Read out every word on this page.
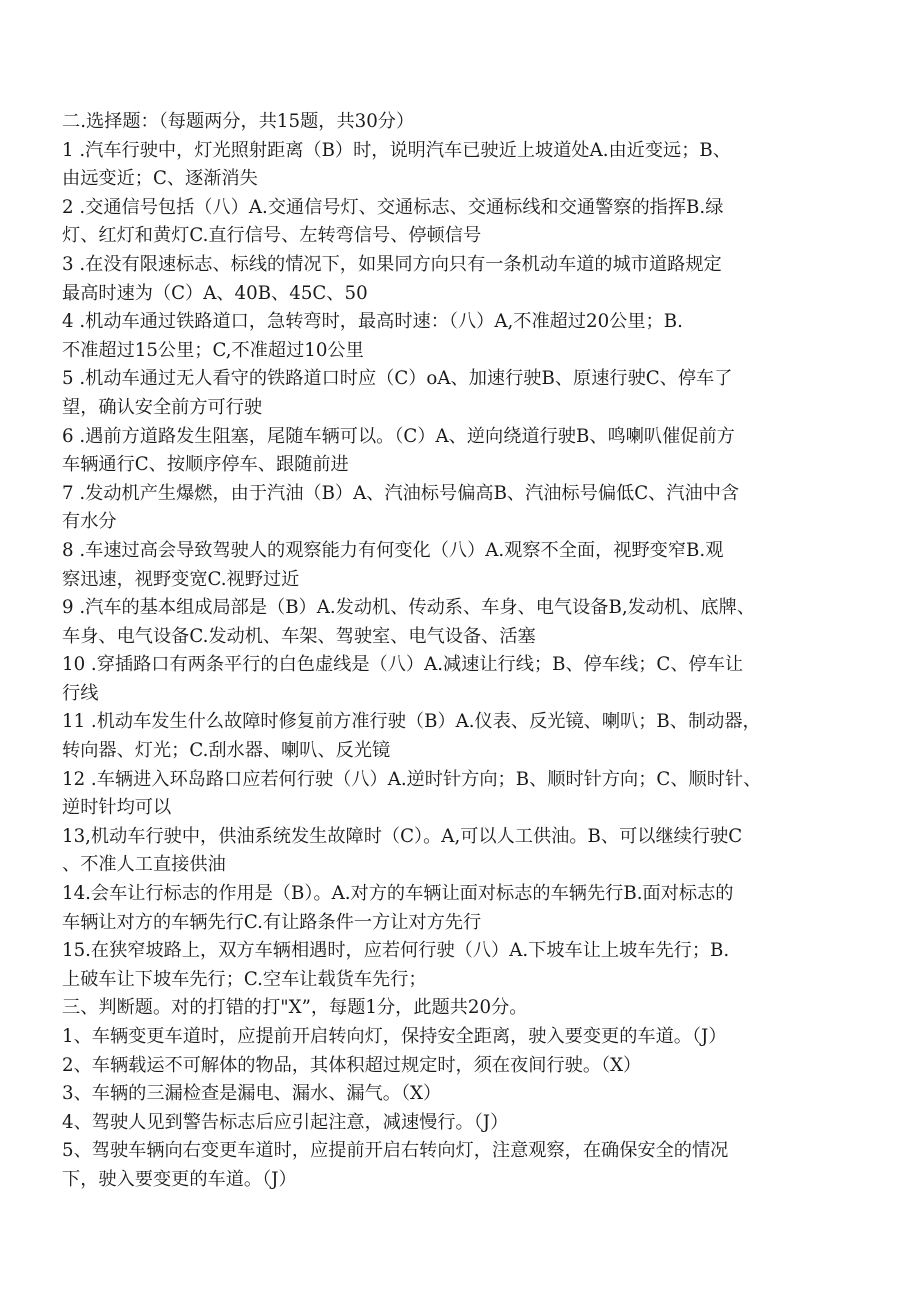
二.选择题：（每题两分，共15题，共30分）
1 .汽车行驶中，灯光照射距离（B）时，说明汽车已驶近上坡道处A.由近变远；B、
由远变近；C、逐渐消失
2 .交通信号包括（八）A.交通信号灯、交通标志、交通标线和交通警察的指挥B.绿
灯、红灯和黄灯C.直行信号、左转弯信号、停顿信号
3 .在没有限速标志、标线的情况下，如果同方向只有一条机动车道的城市道路规定
最高时速为（C）A、40B、45C、50
4 .机动车通过铁路道口，急转弯时，最高时速：（八）A,不准超过20公里；B.
不准超过15公里；C,不准超过10公里
5 .机动车通过无人看守的铁路道口时应（C）oA、加速行驶B、原速行驶C、停车了
望，确认安全前方可行驶
6 .遇前方道路发生阻塞，尾随车辆可以。（C）A、逆向绕道行驶B、鸣喇叭催促前方
车辆通行C、按顺序停车、跟随前进
7 .发动机产生爆燃，由于汽油（B）A、汽油标号偏高B、汽油标号偏低C、汽油中含
有水分
8 .车速过高会导致驾驶人的观察能力有何变化（八）A.观察不全面，视野变窄B.观
察迅速，视野变宽C.视野过近
9 .汽车的基本组成局部是（B）A.发动机、传动系、车身、电气设备B,发动机、底牌、
车身、电气设备C.发动机、车架、驾驶室、电气设备、活塞
10 .穿插路口有两条平行的白色虚线是（八）A.减速让行线；B、停车线；C、停车让
行线
11 .机动车发生什么故障时修复前方准行驶（B）A.仪表、反光镜、喇叭；B、制动器，
转向器、灯光；C.刮水器、喇叭、反光镜
12 .车辆进入环岛路口应若何行驶（八）A.逆时针方向；B、顺时针方向；C、顺时针、
逆时针均可以
13,机动车行驶中，供油系统发生故障时（C）。A,可以人工供油。B、可以继续行驶C
、不准人工直接供油
14.会车让行标志的作用是（B）。A.对方的车辆让面对标志的车辆先行B.面对标志的
车辆让对方的车辆先行C.有让路条件一方让对方先行
15.在狭窄坡路上，双方车辆相遇时，应若何行驶（八）A.下坡车让上坡车先行；B.
上破车让下坡车先行；C.空车让载货车先行；
三、判断题。对的打错的打"X”，每题1分，此题共20分。
1、车辆变更车道时，应提前开启转向灯，保持安全距离，驶入要变更的车道。（J）
2、车辆载运不可解体的物品，其体积超过规定时，须在夜间行驶。（X）
3、车辆的三漏检查是漏电、漏水、漏气。（X）
4、驾驶人见到警告标志后应引起注意，减速慢行。（J）
5、驾驶车辆向右变更车道时，应提前开启右转向灯，注意观察，在确保安全的情况
下，驶入要变更的车道。（J）
